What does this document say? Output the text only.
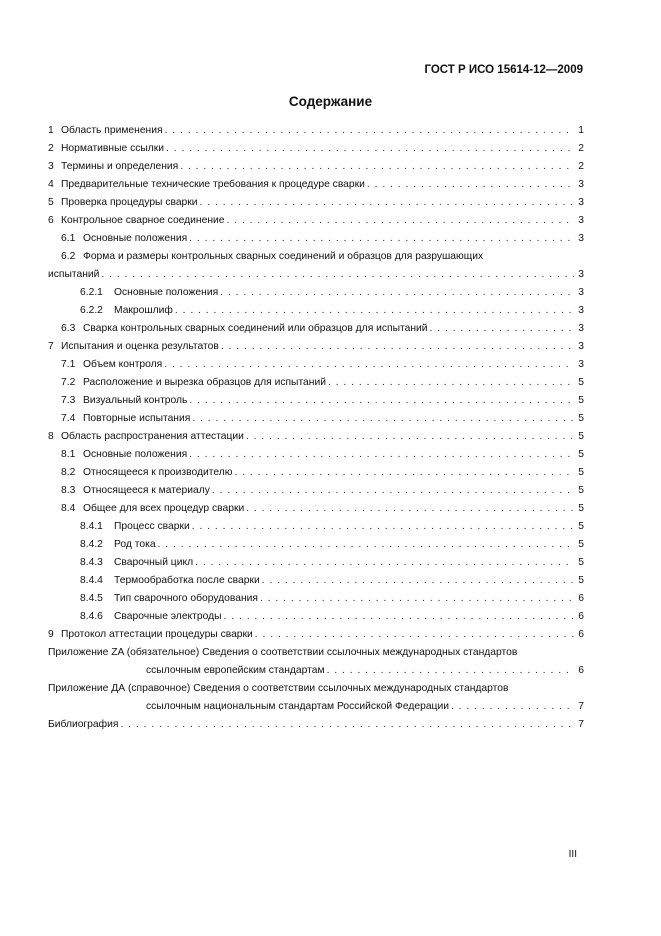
ГОСТ Р ИСО 15614-12—2009
Содержание
1 Область применения . . .	1
2 Нормативные ссылки . . .	2
3 Термины и определения . . .	2
4 Предварительные технические требования к процедуре сварки . . .	3
5 Проверка процедуры сварки . . .	3
6 Контрольное сварное соединение . . .	3
6.1 Основные положения . . .	3
6.2 Форма и размеры контрольных сварных соединений и образцов для разрушающих
испытаний . . .	3
6.2.1 Основные положения . . .	3
6.2.2 Макрошлиф . . .	3
6.3 Сварка контрольных сварных соединений или образцов для испытаний . . .	3
7 Испытания и оценка результатов . . .	3
7.1 Объем контроля . . .	3
7.2 Расположение и вырезка образцов для испытаний . . .	5
7.3 Визуальный контроль . . .	5
7.4 Повторные испытания . . .	5
8 Область распространения аттестации . . .	5
8.1 Основные положения . . .	5
8.2 Относящееся к производителю . . .	5
8.3 Относящееся к материалу . . .	5
8.4 Общее для всех процедур сварки . . .	5
8.4.1 Процесс сварки . . .	5
8.4.2 Род тока . . .	5
8.4.3 Сварочный цикл . . .	5
8.4.4 Термообработка после сварки . . .	5
8.4.5 Тип сварочного оборудования . . .	6
8.4.6 Сварочные электроды . . .	6
9 Протокол аттестации процедуры сварки . . .	6
Приложение ZA (обязательное) Сведения о соответствии ссылочных международных стандартов
ссылочным европейским стандартам . . .	6
Приложение ДА (справочное) Сведения о соответствии ссылочных международных стандартов
ссылочным национальным стандартам Российской Федерации . . .	7
Библиография . . .	7
III
